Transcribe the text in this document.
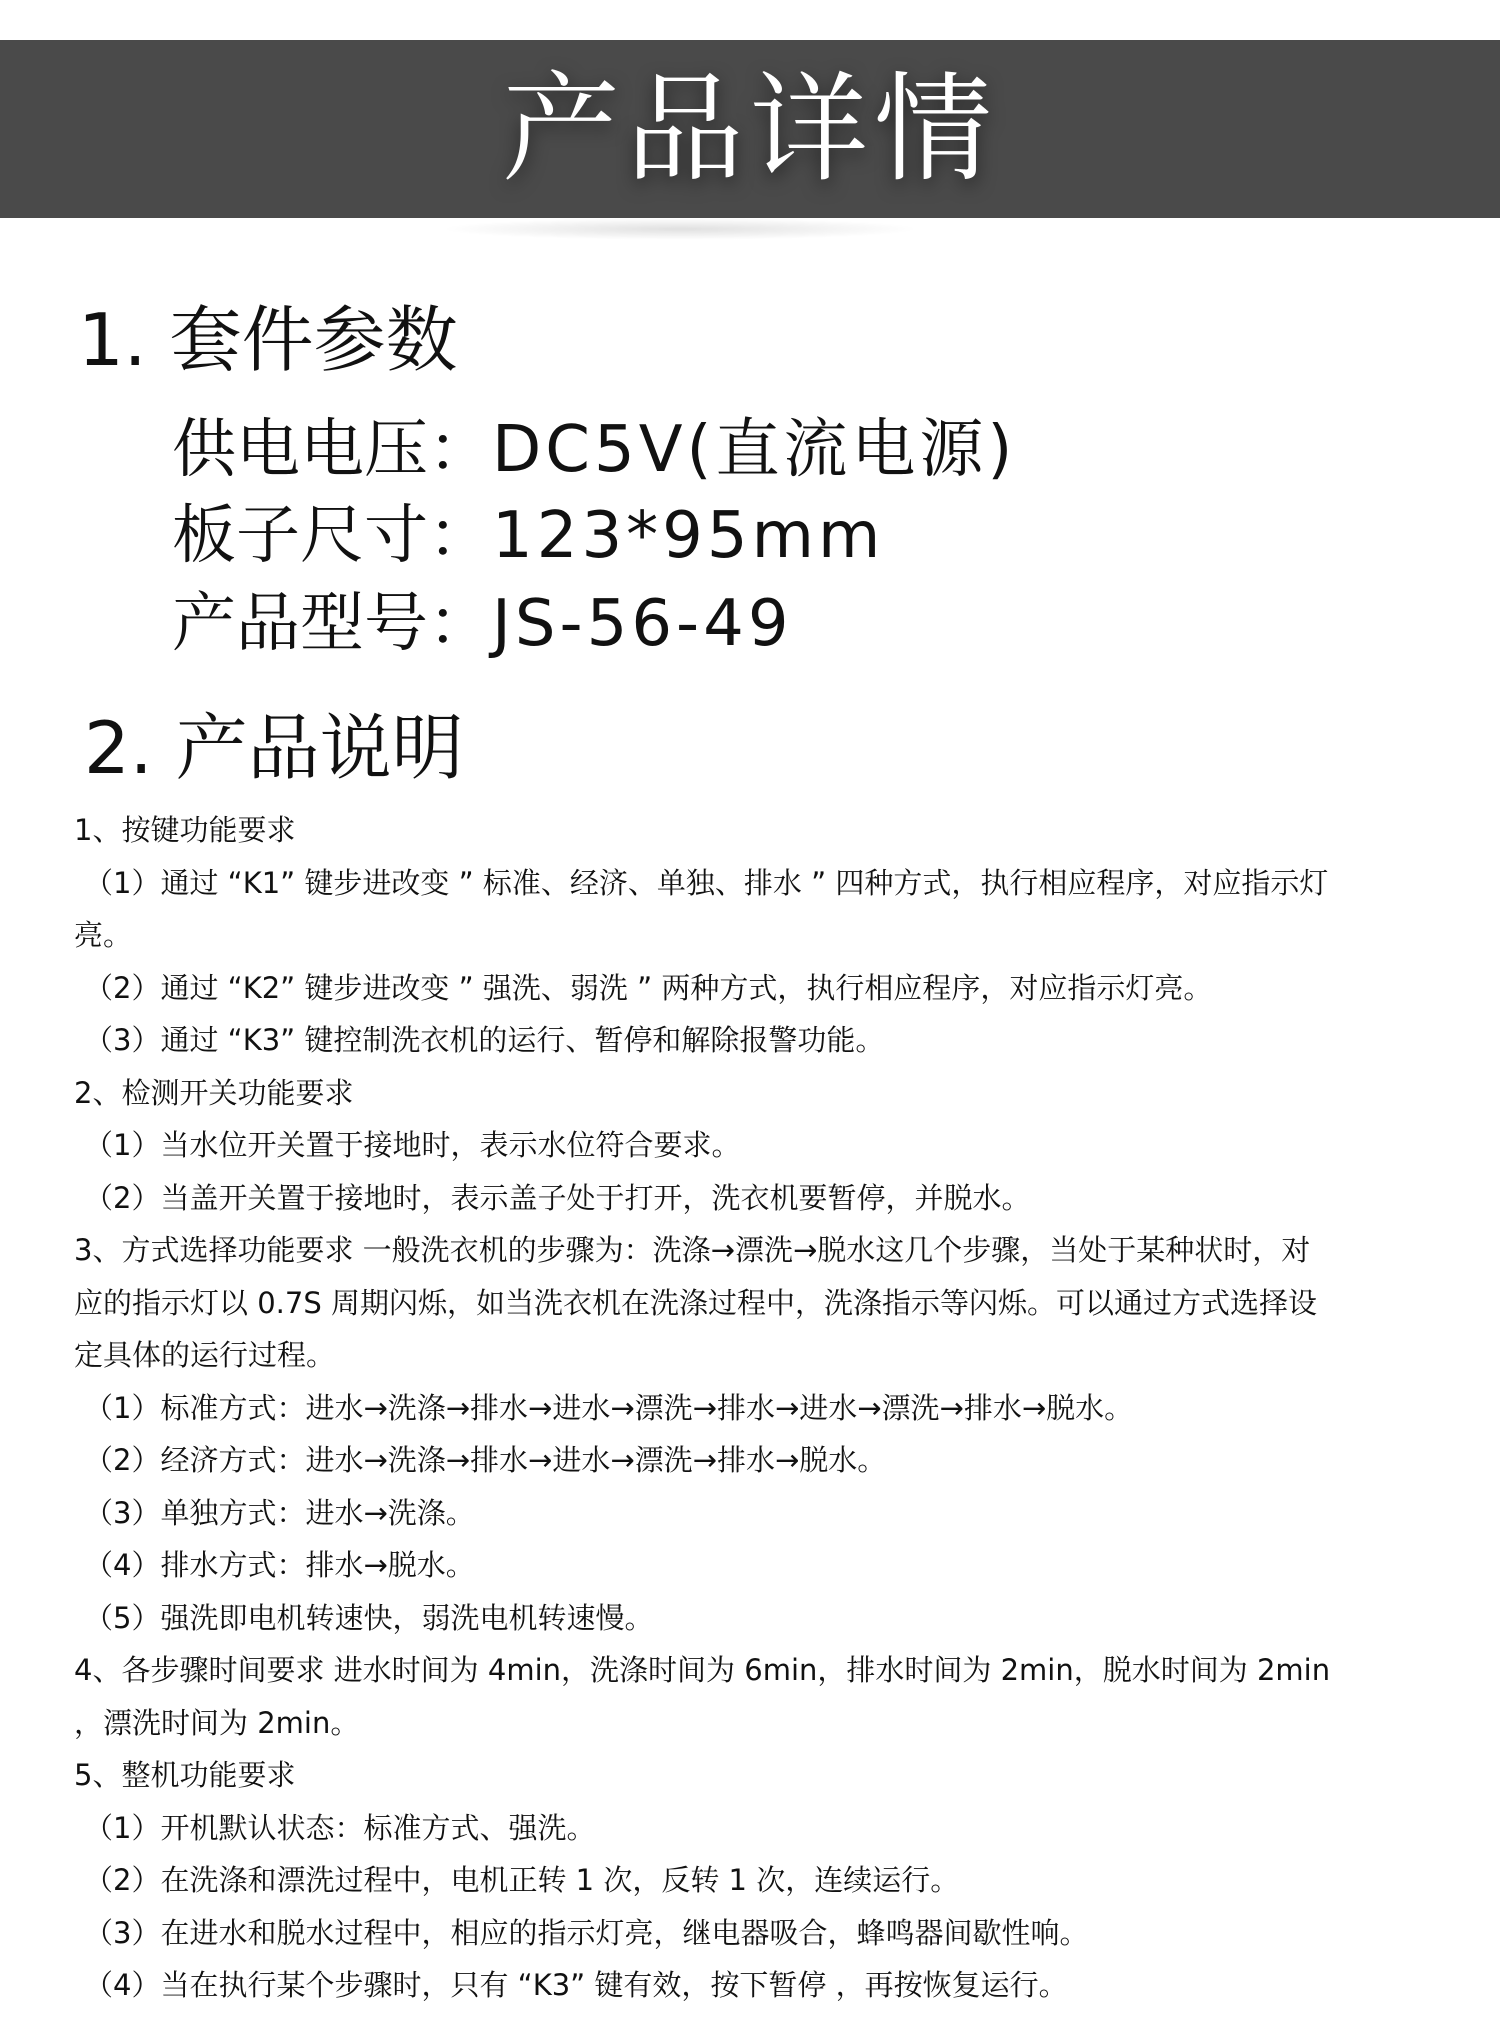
产品详情
1. 套件参数
供电电压：DC5V(直流电源)
板子尺寸：123*95mm
产品型号：JS-56-49
2. 产品说明
1、按键功能要求
（1）通过 “K1” 键步进改变 ” 标准、经济、单独、排水 ” 四种方式，执行相应程序，对应指示灯
亮。
（2）通过 “K2” 键步进改变 ” 强洗、弱洗 ” 两种方式，执行相应程序，对应指示灯亮。
（3）通过 “K3” 键控制洗衣机的运行、暂停和解除报警功能。
2、检测开关功能要求
（1）当水位开关置于接地时，表示水位符合要求。
（2）当盖开关置于接地时，表示盖子处于打开，洗衣机要暂停，并脱水。
3、方式选择功能要求 一般洗衣机的步骤为：洗涤→漂洗→脱水这几个步骤，当处于某种状时，对
应的指示灯以 0.7S 周期闪烁，如当洗衣机在洗涤过程中，洗涤指示等闪烁。可以通过方式选择设
定具体的运行过程。
（1）标准方式：进水→洗涤→排水→进水→漂洗→排水→进水→漂洗→排水→脱水。
（2）经济方式：进水→洗涤→排水→进水→漂洗→排水→脱水。
（3）单独方式：进水→洗涤。
（4）排水方式：排水→脱水。
（5）强洗即电机转速快，弱洗电机转速慢。
4、各步骤时间要求 进水时间为 4min，洗涤时间为 6min，排水时间为 2min，脱水时间为 2min
，漂洗时间为 2min。
5、整机功能要求
（1）开机默认状态：标准方式、强洗。
（2）在洗涤和漂洗过程中，电机正转 1 次，反转 1 次，连续运行。
（3）在进水和脱水过程中，相应的指示灯亮，继电器吸合，蜂鸣器间歇性响。
（4）当在执行某个步骤时，只有 “K3” 键有效，按下暂停 ，再按恢复运行。
